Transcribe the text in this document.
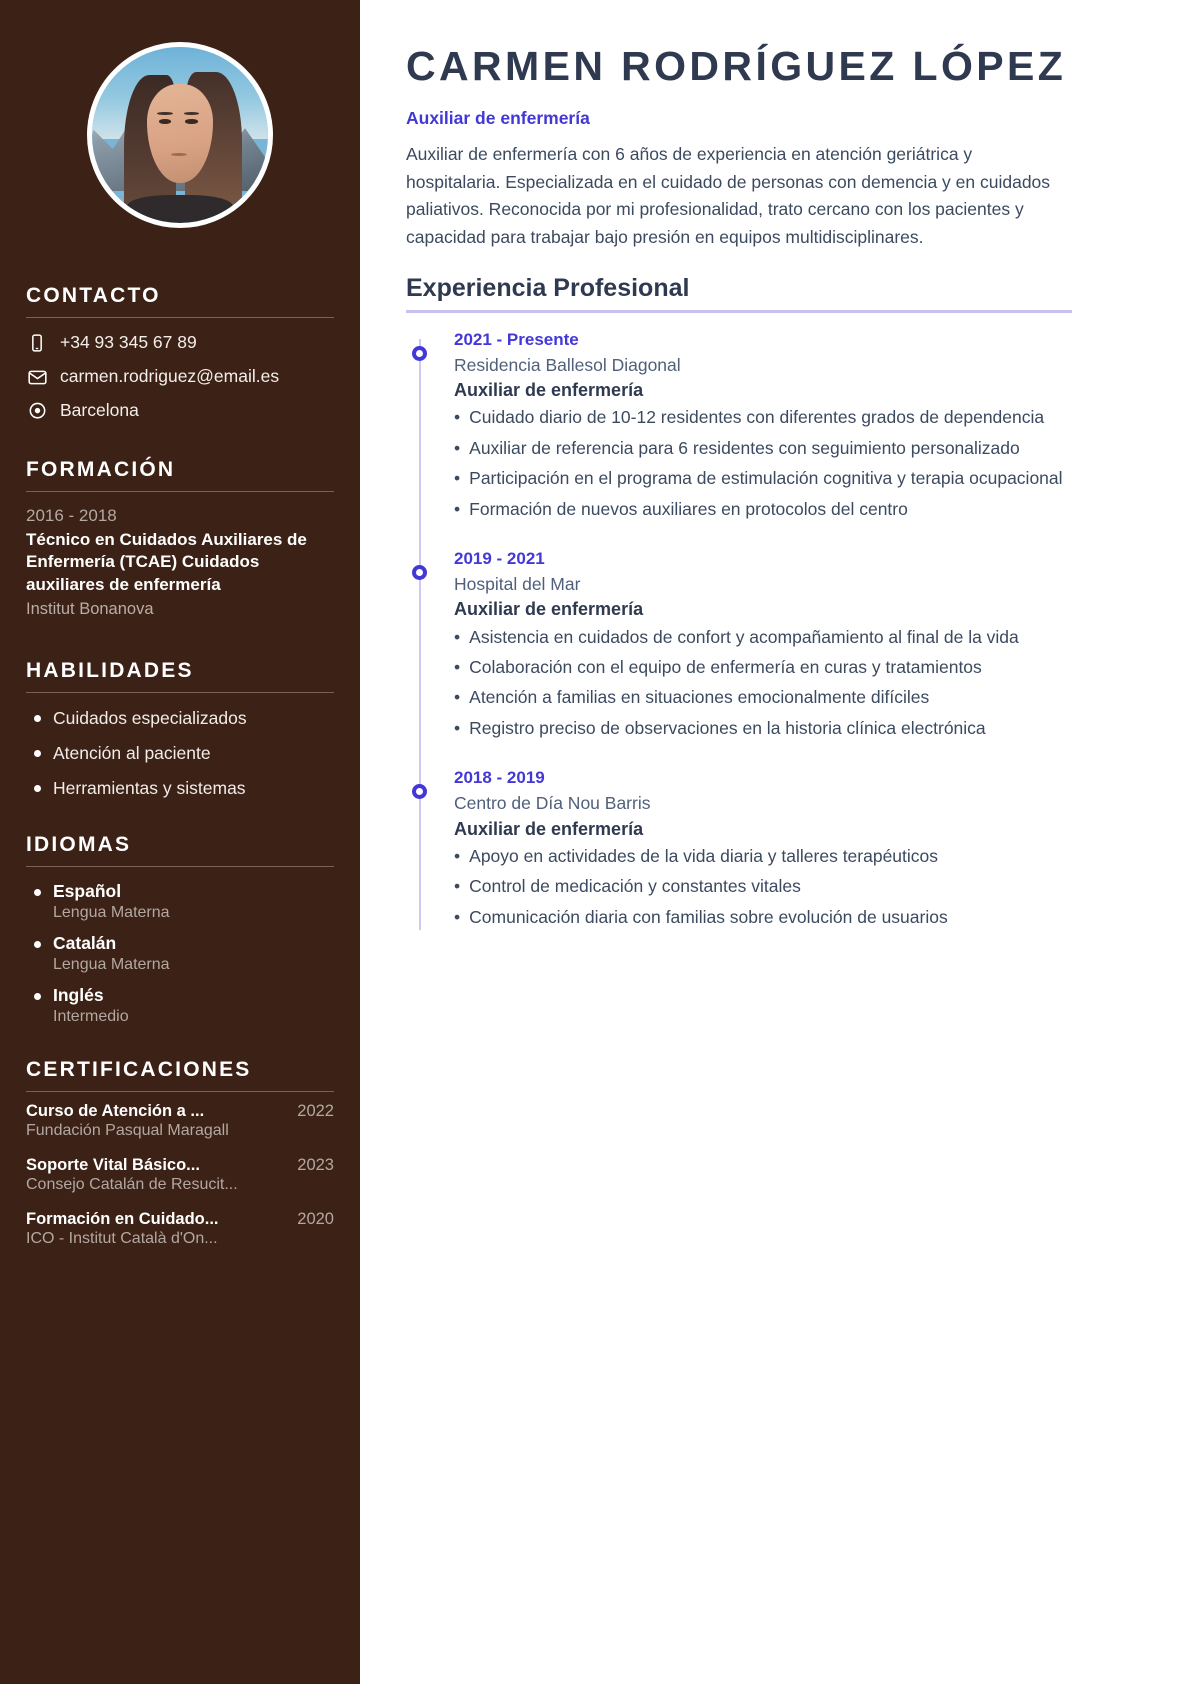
CONTACTO
+34 93 345 67 89
carmen.rodriguez@email.es
Barcelona
FORMACIÓN
2016 - 2018
Técnico en Cuidados Auxiliares de Enfermería (TCAE) Cuidados auxiliares de enfermería
Institut Bonanova
HABILIDADES
Cuidados especializados
Atención al paciente
Herramientas y sistemas
IDIOMAS
Español
Lengua Materna
Catalán
Lengua Materna
Inglés
Intermedio
CERTIFICACIONES
Curso de Atención a ...	2022
Fundación Pasqual Maragall
Soporte Vital Básico...	2023
Consejo Catalán de Resucit...
Formación en Cuidado...	2020
ICO - Institut Català d'On...
CARMEN RODRÍGUEZ LÓPEZ
Auxiliar de enfermería

Auxiliar de enfermería con 6 años de experiencia en atención geriátrica y hospitalaria. Especializada en el cuidado de personas con demencia y en cuidados paliativos. Reconocida por mi profesionalidad, trato cercano con los pacientes y capacidad para trabajar bajo presión en equipos multidisciplinares.

Experiencia Profesional
2021 - Presente
Residencia Ballesol Diagonal
Auxiliar de enfermería
• Cuidado diario de 10-12 residentes con diferentes grados de dependencia
• Auxiliar de referencia para 6 residentes con seguimiento personalizado
• Participación en el programa de estimulación cognitiva y terapia ocupacional
• Formación de nuevos auxiliares en protocolos del centro
2019 - 2021
Hospital del Mar
Auxiliar de enfermería
• Asistencia en cuidados de confort y acompañamiento al final de la vida
• Colaboración con el equipo de enfermería en curas y tratamientos
• Atención a familias en situaciones emocionalmente difíciles
• Registro preciso de observaciones en la historia clínica electrónica
2018 - 2019
Centro de Día Nou Barris
Auxiliar de enfermería
• Apoyo en actividades de la vida diaria y talleres terapéuticos
• Control de medicación y constantes vitales
• Comunicación diaria con familias sobre evolución de usuarios
